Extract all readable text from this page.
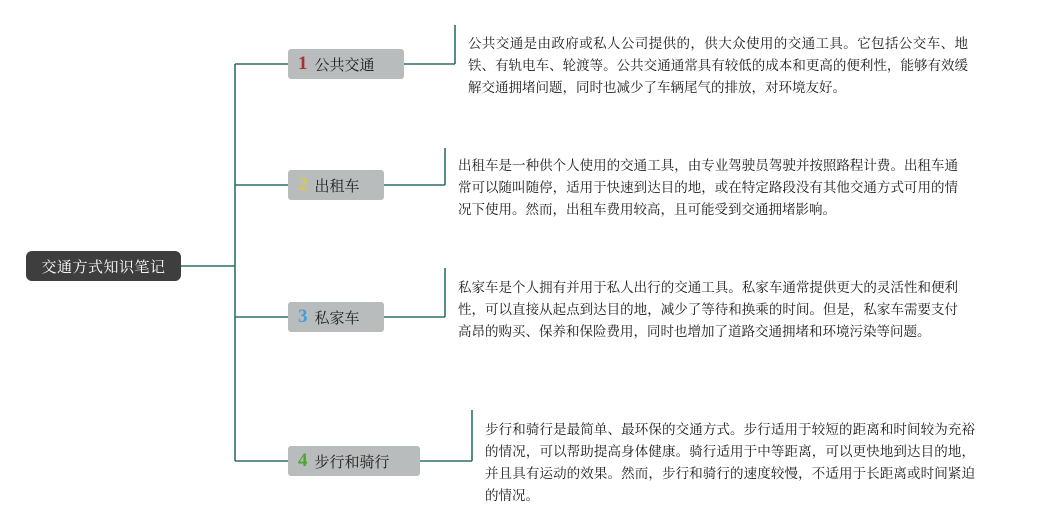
交通方式知识笔记
1 公共交通
公共交通是由政府或私人公司提供的，供大众使用的交通工具。它包括公交车、地铁、有轨电车、轮渡等。公共交通通常具有较低的成本和更高的便利性，能够有效缓解交通拥堵问题，同时也减少了车辆尾气的排放，对环境友好。
2 出租车
出租车是一种供个人使用的交通工具，由专业驾驶员驾驶并按照路程计费。出租车通常可以随叫随停，适用于快速到达目的地，或在特定路段没有其他交通方式可用的情况下使用。然而，出租车费用较高，且可能受到交通拥堵影响。
3 私家车
私家车是个人拥有并用于私人出行的交通工具。私家车通常提供更大的灵活性和便利性，可以直接从起点到达目的地，减少了等待和换乘的时间。但是，私家车需要支付高昂的购买、保养和保险费用，同时也增加了道路交通拥堵和环境污染等问题。
4 步行和骑行
步行和骑行是最简单、最环保的交通方式。步行适用于较短的距离和时间较为充裕的情况，可以帮助提高身体健康。骑行适用于中等距离，可以更快地到达目的地，并且具有运动的效果。然而，步行和骑行的速度较慢，不适用于长距离或时间紧迫的情况。
